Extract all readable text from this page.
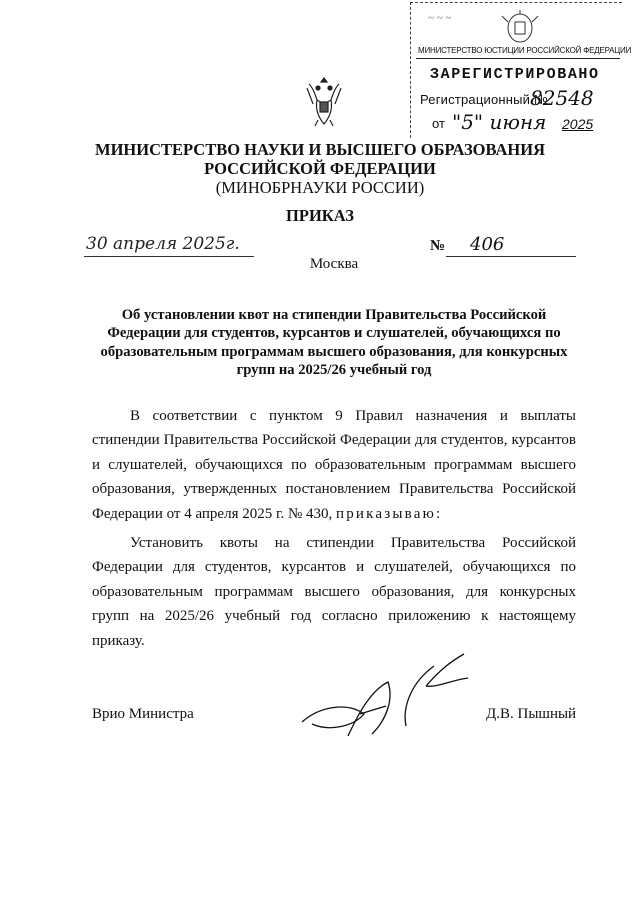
~ ~ ~
МИНИСТЕРСТВО ЮСТИЦИИ РОССИЙСКОЙ ФЕДЕРАЦИИ
ЗАРЕГИСТРИРОВАНО
Регистрационный №
82548
от "5" июня 2025
МИНИСТЕРСТВО НАУКИ И ВЫСШЕГО ОБРАЗОВАНИЯ
РОССИЙСКОЙ ФЕДЕРАЦИИ
(МИНОБРНАУКИ РОССИИ)
ПРИКАЗ
30 апреля 2025г.	№ 406
Москва
Об установлении квот на стипендии Правительства Российской Федерации для студентов, курсантов и слушателей, обучающихся по образовательным программам высшего образования, для конкурсных групп на 2025/26 учебный год
В соответствии с пунктом 9 Правил назначения и выплаты стипендии Правительства Российской Федерации для студентов, курсантов и слушателей, обучающихся по образовательным программам высшего образования, утвержденных постановлением Правительства Российской Федерации от 4 апреля 2025 г. № 430, приказываю:
Установить квоты на стипендии Правительства Российской Федерации для студентов, курсантов и слушателей, обучающихся по образовательным программам высшего образования, для конкурсных групп на 2025/26 учебный год согласно приложению к настоящему приказу.
Врио Министра	Д.В. Пышный
